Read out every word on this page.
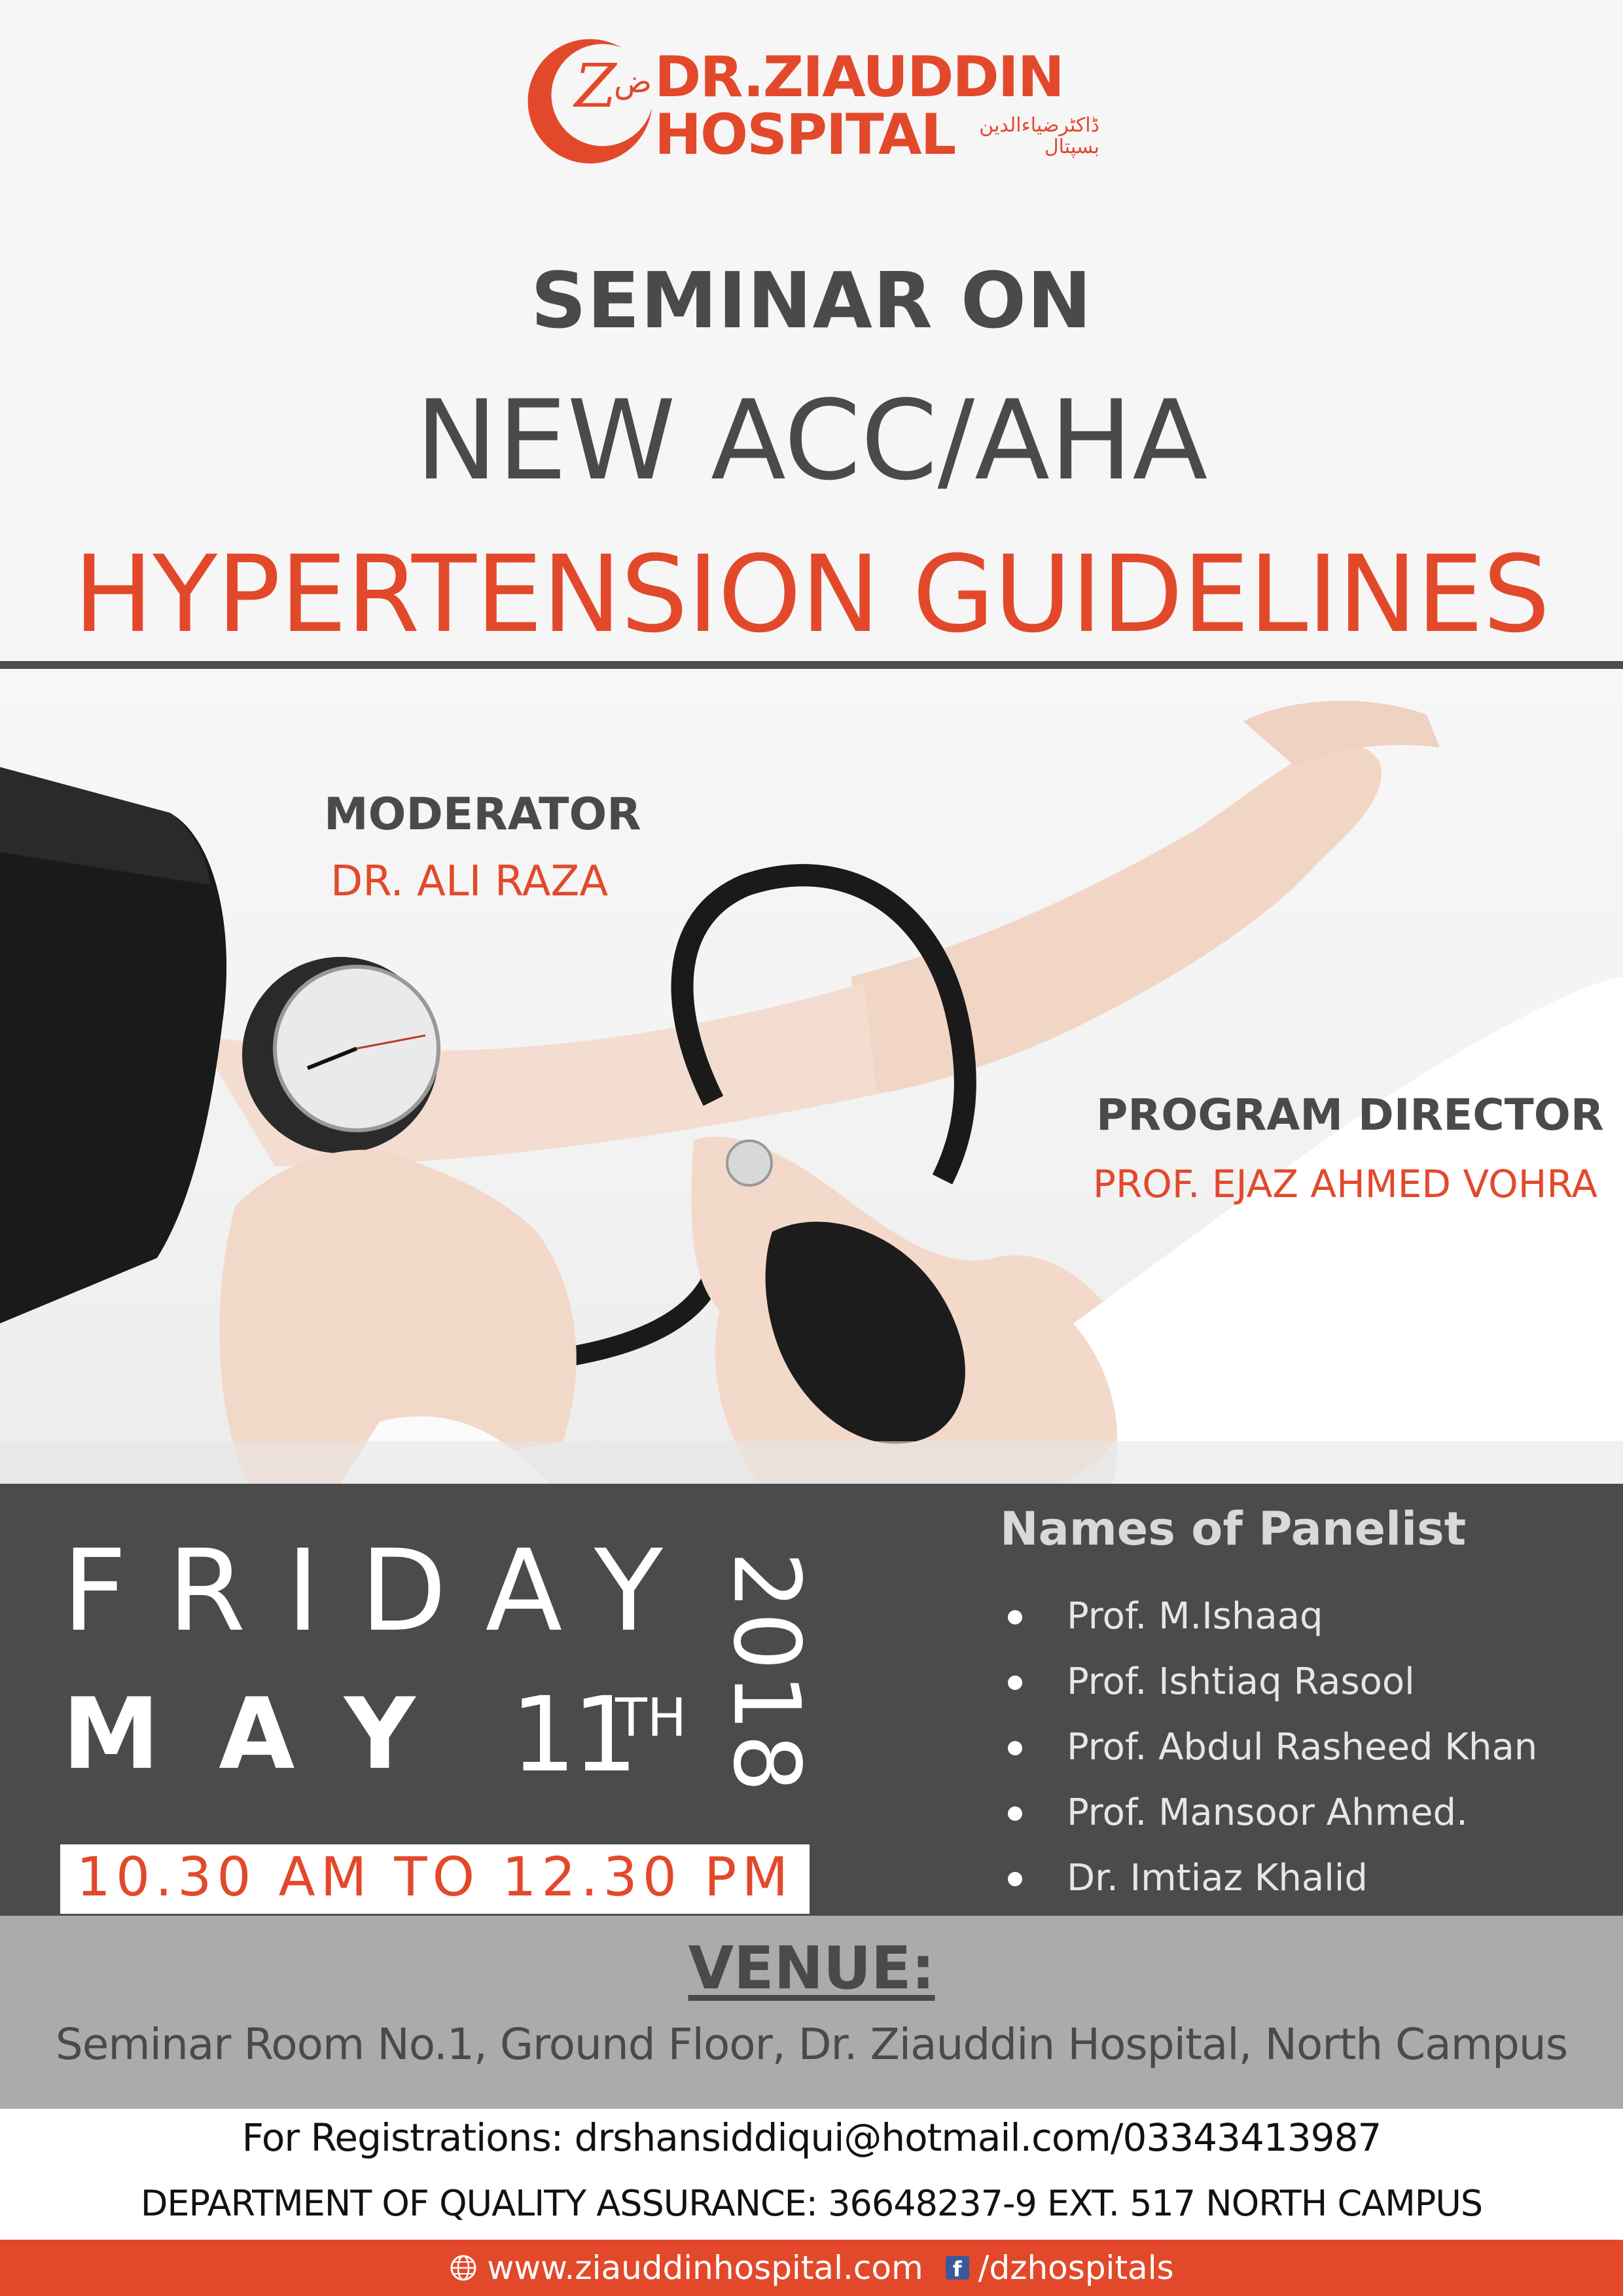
Z
ض DR.ZIAUDDIN
HOSPITAL	ڈاکٹرضیاءالدین بسپتال
SEMINAR ON
NEW ACC/AHA
HYPERTENSION GUIDELINES
MODERATOR
DR. ALI RAZA
PROGRAM DIRECTOR
PROF. EJAZ AHMED VOHRA
FRIDAY
MAY 11
TH 2018
10.30 AM TO 12.30 PM
Names of Panelist
Prof. M.Ishaaq
Prof. Ishtiaq Rasool
Prof. Abdul Rasheed Khan
Prof. Mansoor Ahmed.
Dr. Imtiaz Khalid
VENUE:
Seminar Room No.1, Ground Floor, Dr. Ziauddin Hospital, North Campus
For Registrations: drshansiddiqui@hotmail.com/03343413987
DEPARTMENT OF QUALITY ASSURANCE: 36648237-9 EXT. 517 NORTH CAMPUS
www.ziauddinhospital.com	f /dzhospitals
